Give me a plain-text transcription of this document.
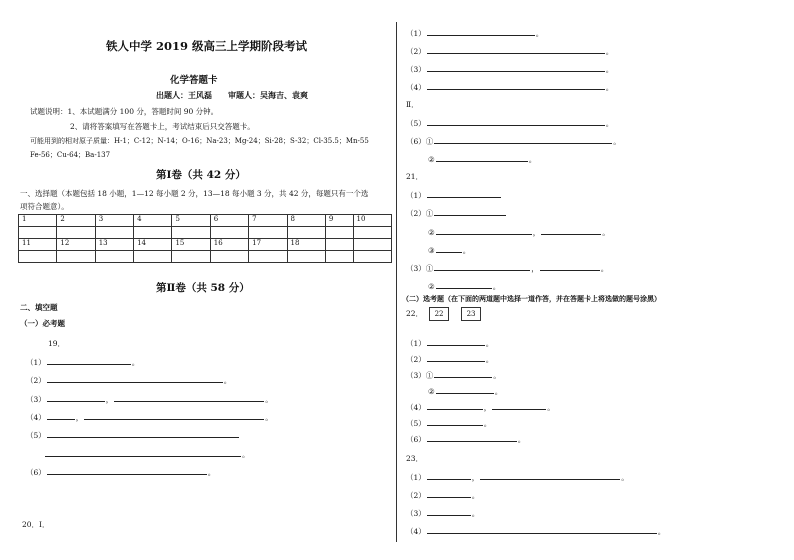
铁人中学 2019 级高三上学期阶段考试
化学答题卡
出题人：王风磊　　审题人：吴海吉、袁爽
试题说明：1、本试题满分 100 分，答题时间 90 分钟。
2、请将答案填写在答题卡上，考试结束后只交答题卡。
可能用到的相对原子质量：H-1；C-12；N-14；O-16；Na-23；Mg-24；Si-28；S-32；Cl-35.5；Mn-55
Fe-56；Cu-64；Ba-137
第Ⅰ卷（共 42 分）
一、选择题（本题包括 18 小题，1—12 每小题 2 分，13—18 每小题 3 分，共 42 分，每题只有一个选
项符合题意）。
1	2	3	4	5	6	7	8	9	10

11	12	13	14	15	16	17	18		

第Ⅱ卷（共 58 分）
二、填空题
（一）必考题
19．
（1）	。
（2）	。
（3）	，	。
（4）	，	。
（5）
。
（6）	。
20．Ⅰ．
（1）	。
（2）	。
（3）	。
（4）	。
Ⅱ．
（5）	。
（6）①	。
②	。
21．
（1）
（2）①
②	，	。
③	。
（3）①	，	。
②	。
（二）选考题（在下面的两道题中选择一道作答，并在答题卡上将选做的题号涂黑）
22． 22	23
（1）	。
（2）	。
（3）①	。
②	。
（4）	，	。
（5）	。
（6）	。
23．
（1）	，	。
（2）	。
（3）	。
（4）	。
